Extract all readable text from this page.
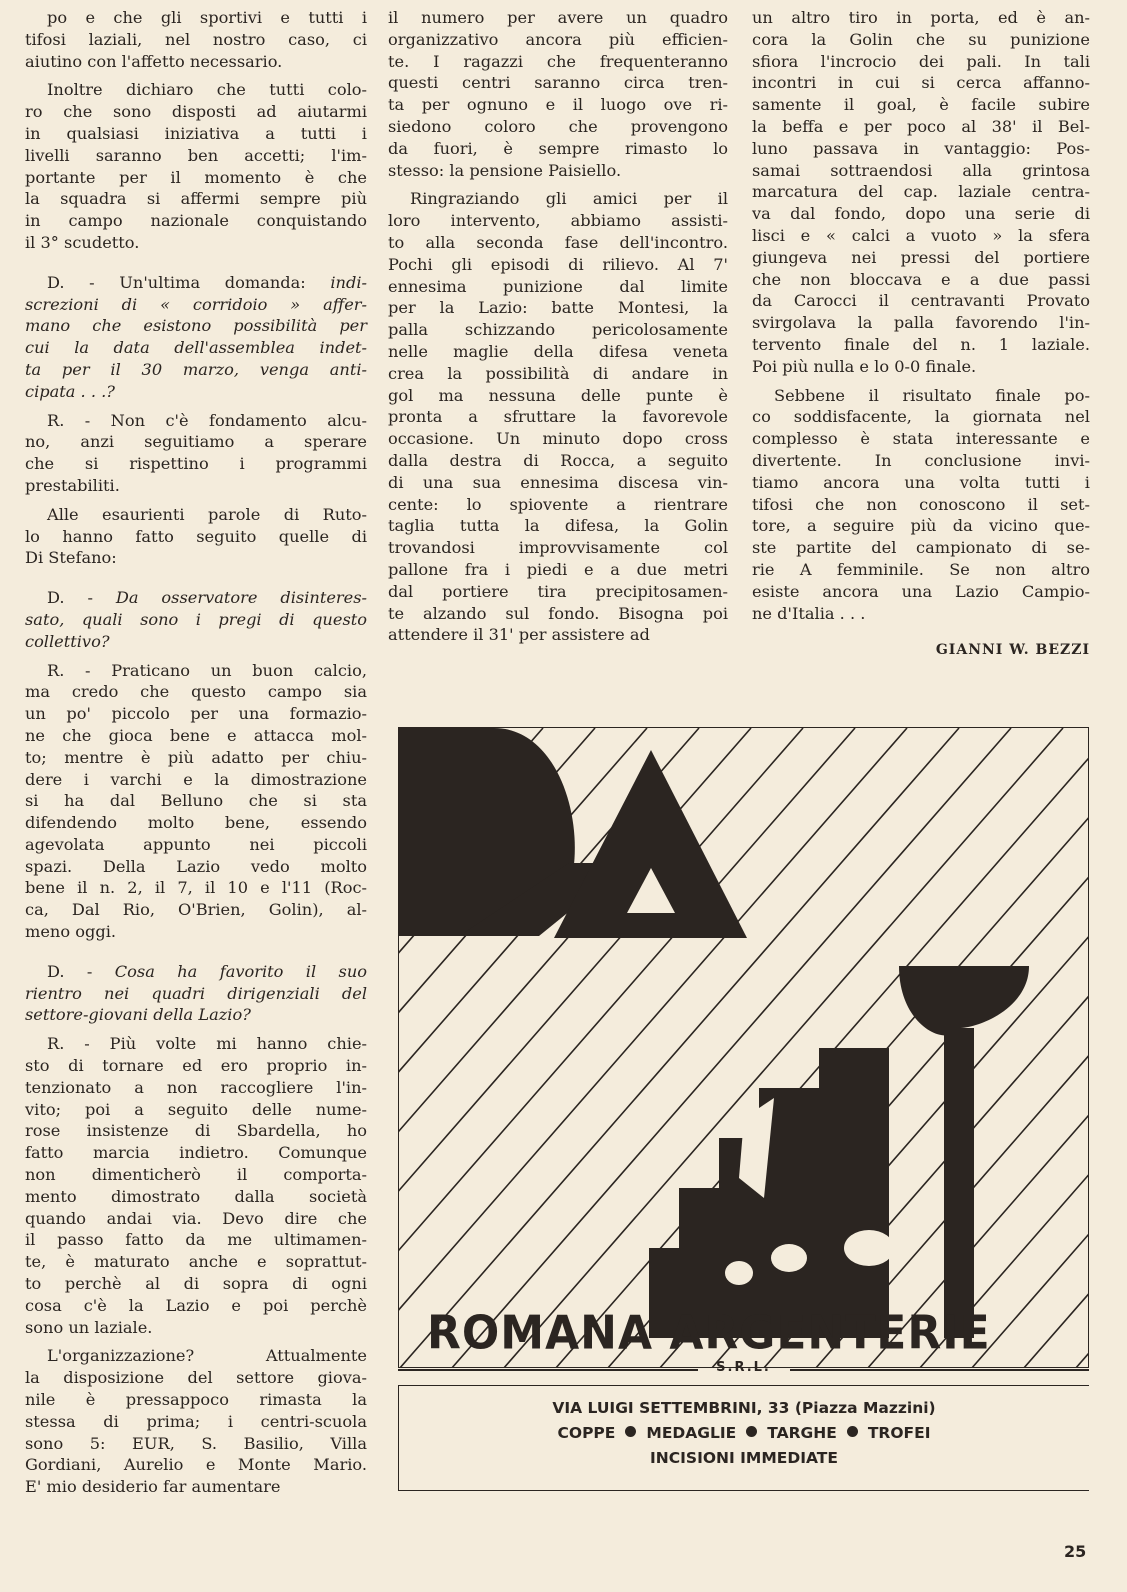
po e che gli sportivi e tutti i
tifosi laziali, nel nostro caso, ci
aiutino con l'affetto necessario.
Inoltre dichiaro che tutti colo-
ro che sono disposti ad aiutarmi
in qualsiasi iniziativa a tutti i
livelli saranno ben accetti; l'im-
portante per il momento è che
la squadra si affermi sempre più
in campo nazionale conquistando
il 3° scudetto.
D. - Un'ultima domanda: indi-
screzioni di « corridoio » affer-
mano che esistono possibilità per
cui la data dell'assemblea indet-
ta per il 30 marzo, venga anti-
cipata . . .?
R. - Non c'è fondamento alcu-
no, anzi seguitiamo a sperare
che si rispettino i programmi
prestabiliti.
Alle esaurienti parole di Ruto-
lo hanno fatto seguito quelle di
Di Stefano:
D. - Da osservatore disinteres-
sato, quali sono i pregi di questo
collettivo?
R. - Praticano un buon calcio,
ma credo che questo campo sia
un po' piccolo per una formazio-
ne che gioca bene e attacca mol-
to; mentre è più adatto per chiu-
dere i varchi e la dimostrazione
si ha dal Belluno che si sta
difendendo molto bene, essendo
agevolata appunto nei piccoli
spazi. Della Lazio vedo molto
bene il n. 2, il 7, il 10 e l'11 (Roc-
ca, Dal Rio, O'Brien, Golin), al-
meno oggi.
D. - Cosa ha favorito il suo
rientro nei quadri dirigenziali del
settore-giovani della Lazio?
R. - Più volte mi hanno chie-
sto di tornare ed ero proprio in-
tenzionato a non raccogliere l'in-
vito; poi a seguito delle nume-
rose insistenze di Sbardella, ho
fatto marcia indietro. Comunque
non dimenticherò il comporta-
mento dimostrato dalla società
quando andai via. Devo dire che
il passo fatto da me ultimamen-
te, è maturato anche e soprattut-
to perchè al di sopra di ogni
cosa c'è la Lazio e poi perchè
sono un laziale.
L'organizzazione? Attualmente
la disposizione del settore giova-
nile è pressappoco rimasta la
stessa di prima; i centri-scuola
sono 5: EUR, S. Basilio, Villa
Gordiani, Aurelio e Monte Mario.
E' mio desiderio far aumentare
il numero per avere un quadro
organizzativo ancora più efficien-
te. I ragazzi che frequenteranno
questi centri saranno circa tren-
ta per ognuno e il luogo ove ri-
siedono coloro che provengono
da fuori, è sempre rimasto lo
stesso: la pensione Paisiello.
Ringraziando gli amici per il
loro intervento, abbiamo assisti-
to alla seconda fase dell'incontro.
Pochi gli episodi di rilievo. Al 7'
ennesima punizione dal limite
per la Lazio: batte Montesi, la
palla schizzando pericolosamente
nelle maglie della difesa veneta
crea la possibilità di andare in
gol ma nessuna delle punte è
pronta a sfruttare la favorevole
occasione. Un minuto dopo cross
dalla destra di Rocca, a seguito
di una sua ennesima discesa vin-
cente: lo spiovente a rientrare
taglia tutta la difesa, la Golin
trovandosi improvvisamente col
pallone fra i piedi e a due metri
dal portiere tira precipitosamen-
te alzando sul fondo. Bisogna poi
attendere il 31' per assistere ad
un altro tiro in porta, ed è an-
cora la Golin che su punizione
sfiora l'incrocio dei pali. In tali
incontri in cui si cerca affanno-
samente il goal, è facile subire
la beffa e per poco al 38' il Bel-
luno passava in vantaggio: Pos-
samai sottraendosi alla grintosa
marcatura del cap. laziale centra-
va dal fondo, dopo una serie di
lisci e « calci a vuoto » la sfera
giungeva nei pressi del portiere
che non bloccava e a due passi
da Carocci il centravanti Provato
svirgolava la palla favorendo l'in-
tervento finale del n. 1 laziale.
Poi più nulla e lo 0-0 finale.
Sebbene il risultato finale po-
co soddisfacente, la giornata nel
complesso è stata interessante e
divertente. In conclusione invi-
tiamo ancora una volta tutti i
tifosi che non conoscono il set-
tore, a seguire più da vicino que-
ste partite del campionato di se-
rie A femminile. Se non altro
esiste ancora una Lazio Campio-
ne d'Italia . . .
GIANNI W. BEZZI
ROMANA ARGENTERIE
S.R.L.
VIA LUIGI SETTEMBRINI, 33 (Piazza Mazzini)
COPPE MEDAGLIE TARGHE TROFEI
INCISIONI IMMEDIATE
25
